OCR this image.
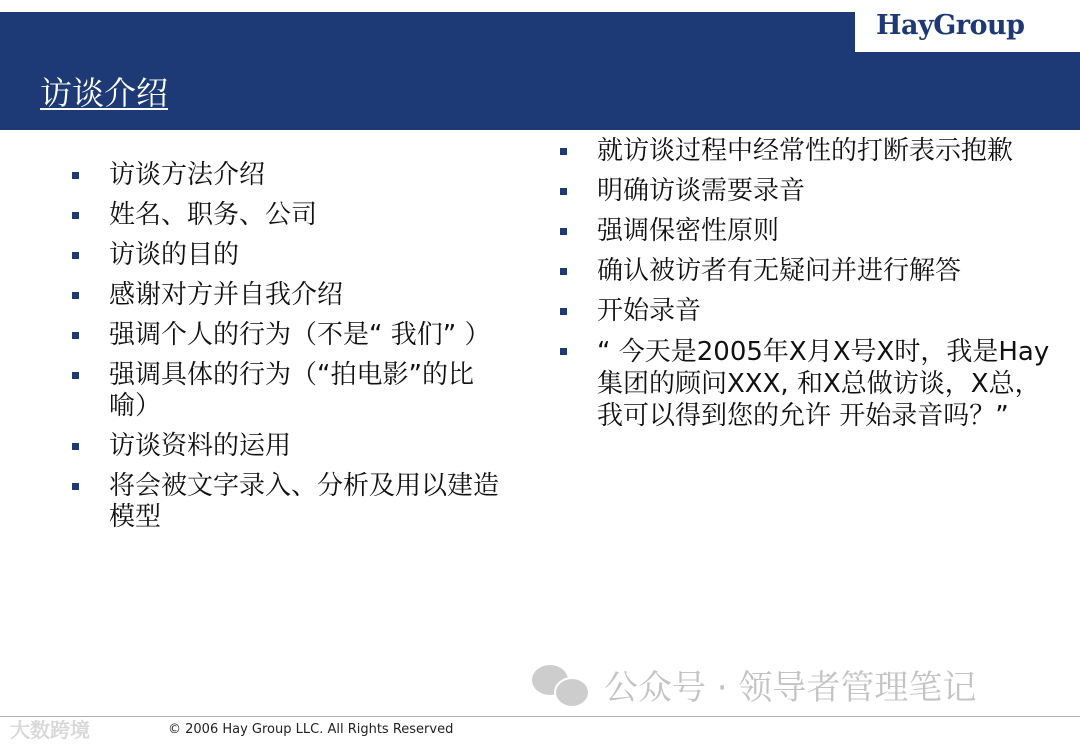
HayGroup
访谈介绍
访谈方法介绍
姓名、职务、公司
访谈的目的
感谢对方并自我介绍
强调个人的行为（不是“ 我们” ）
强调具体的行为（“拍电影”的比喻）
访谈资料的运用
将会被文字录入、分析及用以建造模型
就访谈过程中经常性的打断表示抱歉
明确访谈需要录音
强调保密性原则
确认被访者有无疑问并进行解答
开始录音
“ 今天是2005年X月X号X时，我是Hay集团的顾问XXX, 和X总做访谈，X总，我可以得到您的允许 开始录音吗？”
公众号 · 领导者管理笔记
大数跨境	© 2006 Hay Group LLC. All Rights Reserved
